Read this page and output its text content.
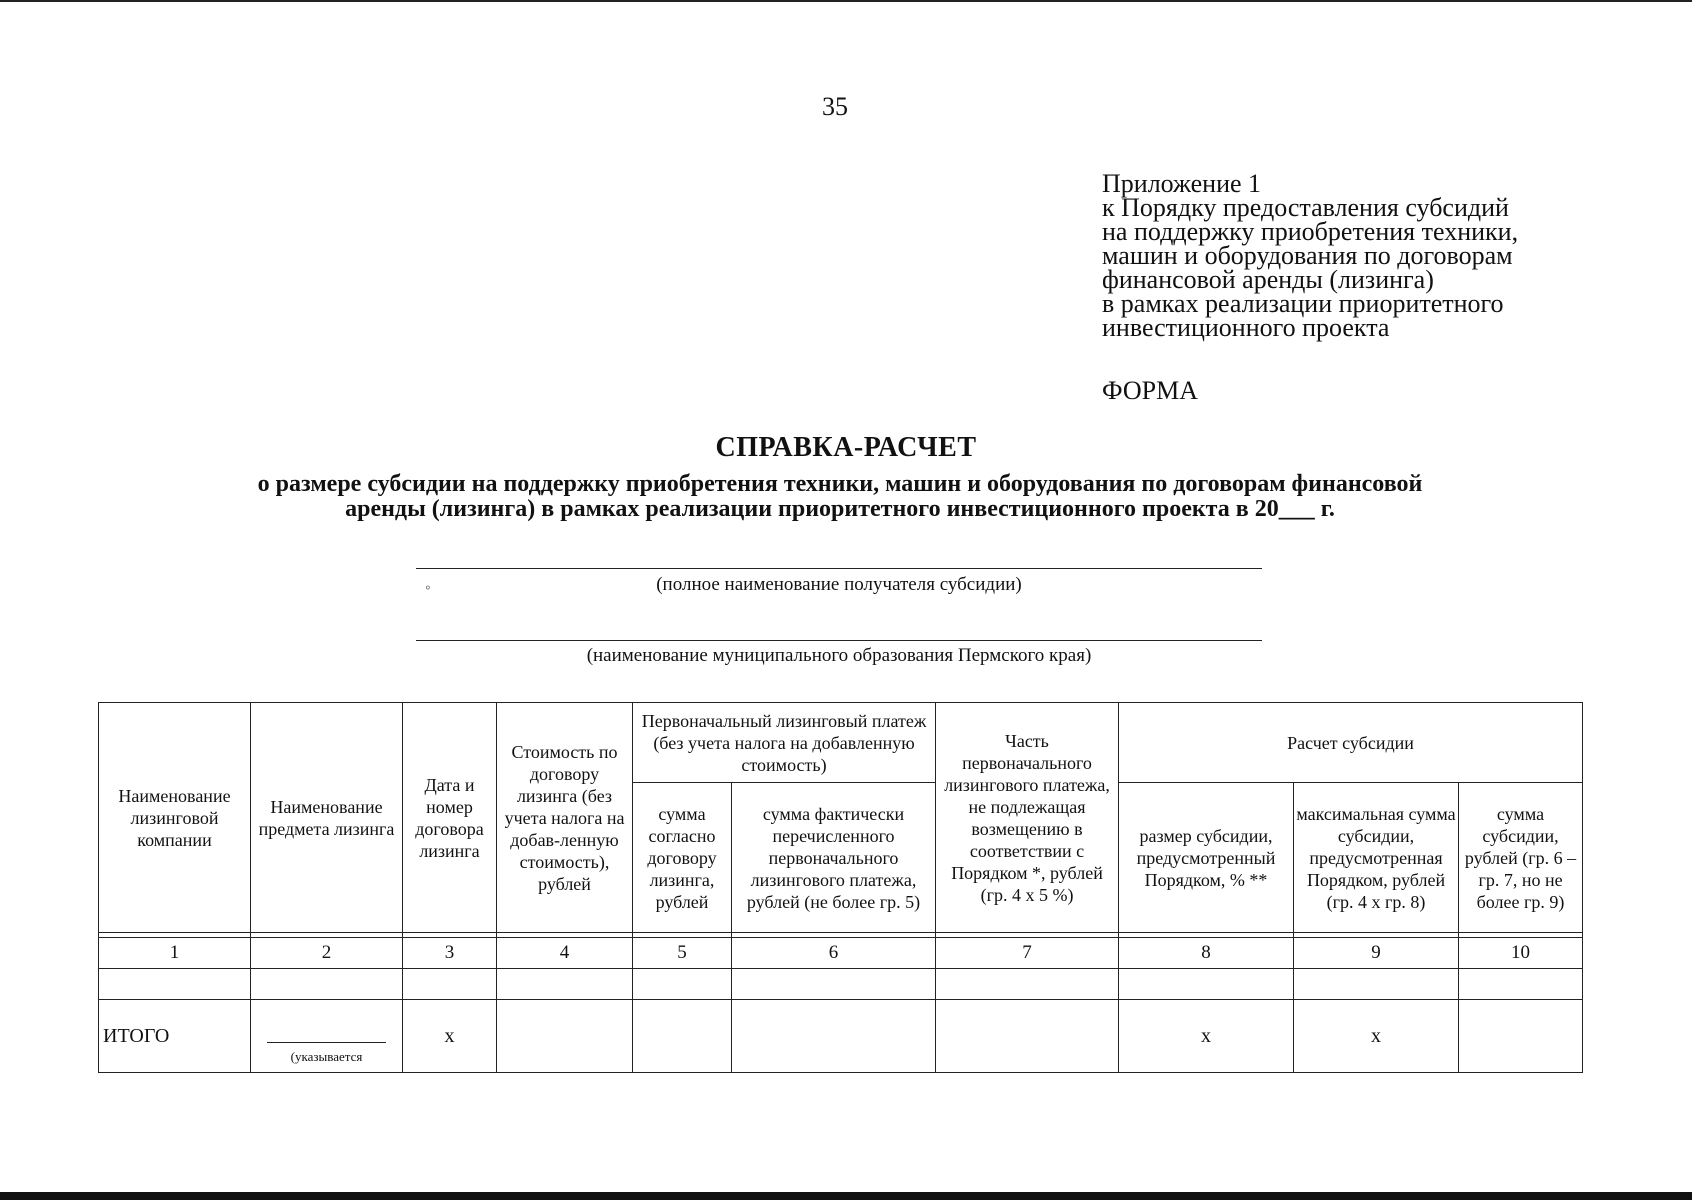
35
Приложение 1
к Порядку предоставления субсидий
на поддержку приобретения техники,
машин и оборудования по договорам
финансовой аренды (лизинга)
в рамках реализации приоритетного
инвестиционного проекта
ФОРМА
СПРАВКА-РАСЧЕТ
о размере субсидии на поддержку приобретения техники, машин и оборудования по договорам финансовой
аренды (лизинга) в рамках реализации приоритетного инвестиционного проекта в 20___ г.
⸰	(полное наименование получателя субсидии)
(наименование муниципального образования Пермского края)
Наименование лизинговой компании	Наименование предмета лизинга	Дата и номер договора лизинга	Стоимость по договору лизинга (без учета налога на добав-ленную стоимость), рублей	Первоначальный лизинговый платеж (без учета налога на добавленную стоимость)		Часть первоначального лизингового платежа, не подлежащая возмещению в соответствии с Порядком *, рублей (гр. 4 x 5 %)	Расчет субсидии		
				сумма согласно договору лизинга, рублей	сумма фактически перечисленного первоначального лизингового платежа, рублей (не более гр. 5)		размер субсидии, предусмотренный Порядком, % **	максимальная сумма субсидии, предусмотренная Порядком, рублей (гр. 4 x гр. 8)	сумма субсидии, рублей (гр. 6 – гр. 7, но не более гр. 9)

1	2	3	4	5	6	7	8	9	10

ИТОГО	(указывается	x					x	x	
